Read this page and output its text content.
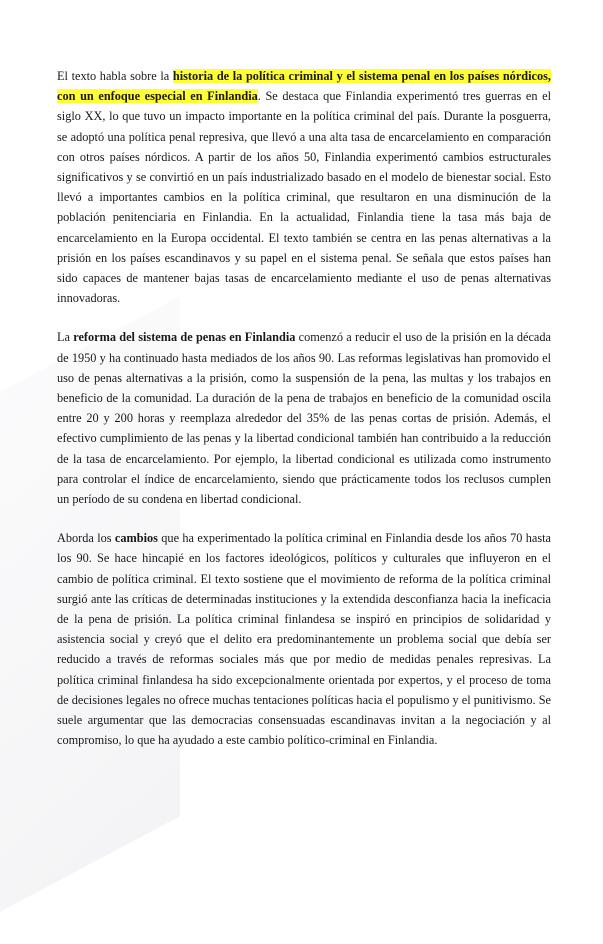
El texto habla sobre la historia de la política criminal y el sistema penal en los países nórdicos, con un enfoque especial en Finlandia. Se destaca que Finlandia experimentó tres guerras en el siglo XX, lo que tuvo un impacto importante en la política criminal del país. Durante la posguerra, se adoptó una política penal represiva, que llevó a una alta tasa de encarcelamiento en comparación con otros países nórdicos. A partir de los años 50, Finlandia experimentó cambios estructurales significativos y se convirtió en un país industrializado basado en el modelo de bienestar social. Esto llevó a importantes cambios en la política criminal, que resultaron en una disminución de la población penitenciaria en Finlandia. En la actualidad, Finlandia tiene la tasa más baja de encarcelamiento en la Europa occidental. El texto también se centra en las penas alternativas a la prisión en los países escandinavos y su papel en el sistema penal. Se señala que estos países han sido capaces de mantener bajas tasas de encarcelamiento mediante el uso de penas alternativas innovadoras.

La reforma del sistema de penas en Finlandia comenzó a reducir el uso de la prisión en la década de 1950 y ha continuado hasta mediados de los años 90. Las reformas legislativas han promovido el uso de penas alternativas a la prisión, como la suspensión de la pena, las multas y los trabajos en beneficio de la comunidad. La duración de la pena de trabajos en beneficio de la comunidad oscila entre 20 y 200 horas y reemplaza alrededor del 35% de las penas cortas de prisión. Además, el efectivo cumplimiento de las penas y la libertad condicional también han contribuido a la reducción de la tasa de encarcelamiento. Por ejemplo, la libertad condicional es utilizada como instrumento para controlar el índice de encarcelamiento, siendo que prácticamente todos los reclusos cumplen un período de su condena en libertad condicional.

Aborda los cambios que ha experimentado la política criminal en Finlandia desde los años 70 hasta los 90. Se hace hincapié en los factores ideológicos, políticos y culturales que influyeron en el cambio de política criminal. El texto sostiene que el movimiento de reforma de la política criminal surgió ante las críticas de determinadas instituciones y la extendida desconfianza hacia la ineficacia de la pena de prisión. La política criminal finlandesa se inspiró en principios de solidaridad y asistencia social y creyó que el delito era predominantemente un problema social que debía ser reducido a través de reformas sociales más que por medio de medidas penales represivas. La política criminal finlandesa ha sido excepcionalmente orientada por expertos, y el proceso de toma de decisiones legales no ofrece muchas tentaciones políticas hacia el populismo y el punitivismo. Se suele argumentar que las democracias consensuadas escandinavas invitan a la negociación y al compromiso, lo que ha ayudado a este cambio político-criminal en Finlandia.
